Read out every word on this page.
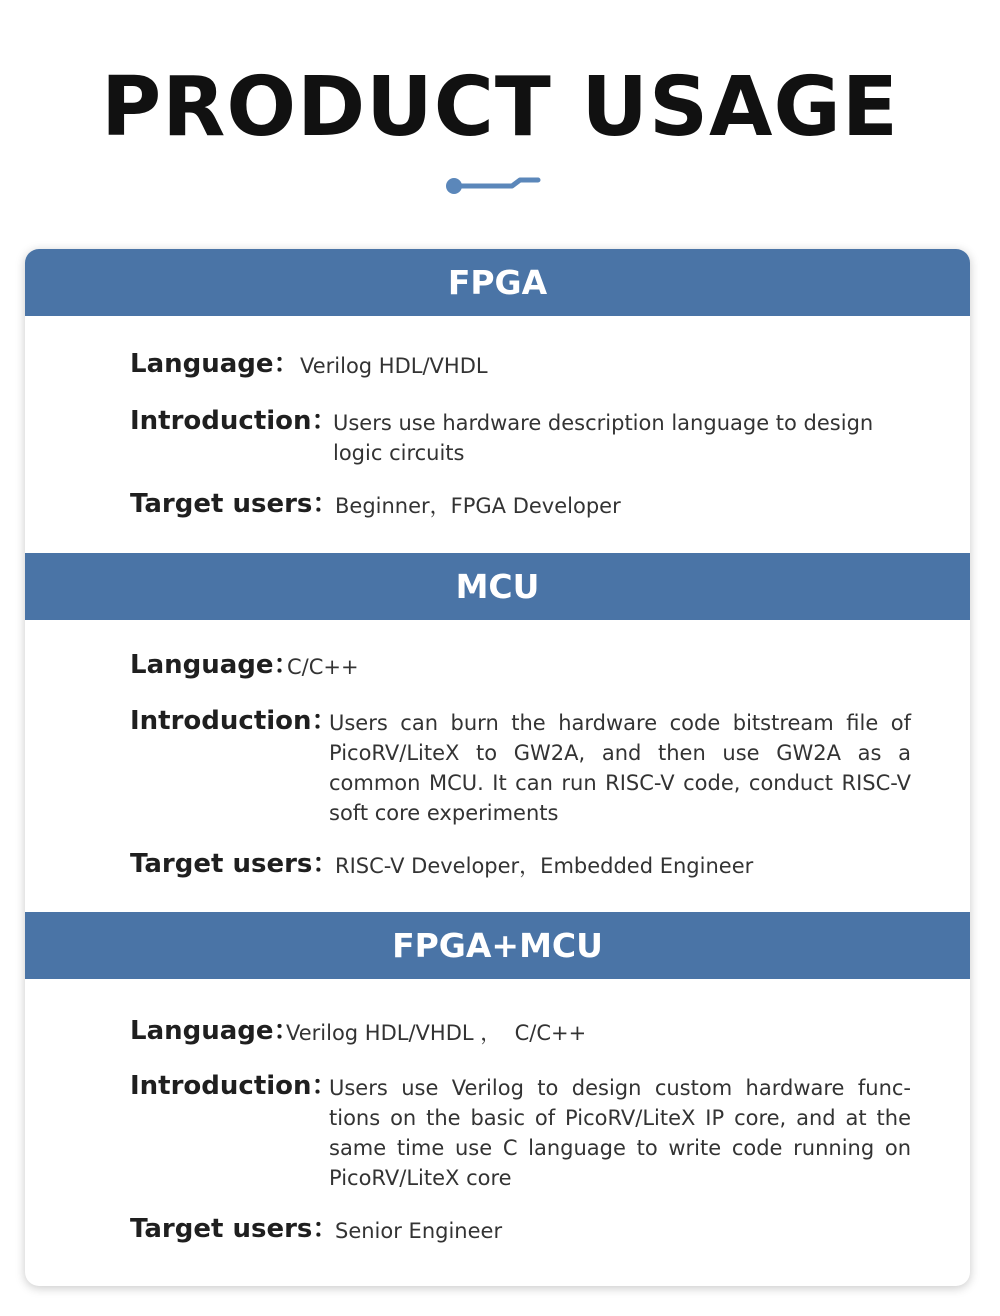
PRODUCT USAGE
FPGA
Language： Verilog HDL/VHDL
Introduction：
Users use hardware description language to design logic circuits
Target users：
Beginner，FPGA Developer
MCU
Language：
C/C++
Introduction：
Users can burn the hardware code bitstream file of PicoRV/LiteX to GW2A, and then use GW2A as a common MCU. It can run RISC-V code, conduct RISC-V soft core experiments
Target users：
RISC-V Developer，Embedded Engineer
FPGA+MCU
Language：
Verilog HDL/VHDL ，  C/C++
Introduction：
Users use Verilog to design custom hardware func-tions on the basic of PicoRV/LiteX IP core, and at the same time use C language to write code running on PicoRV/LiteX core
Target users：
Senior Engineer
